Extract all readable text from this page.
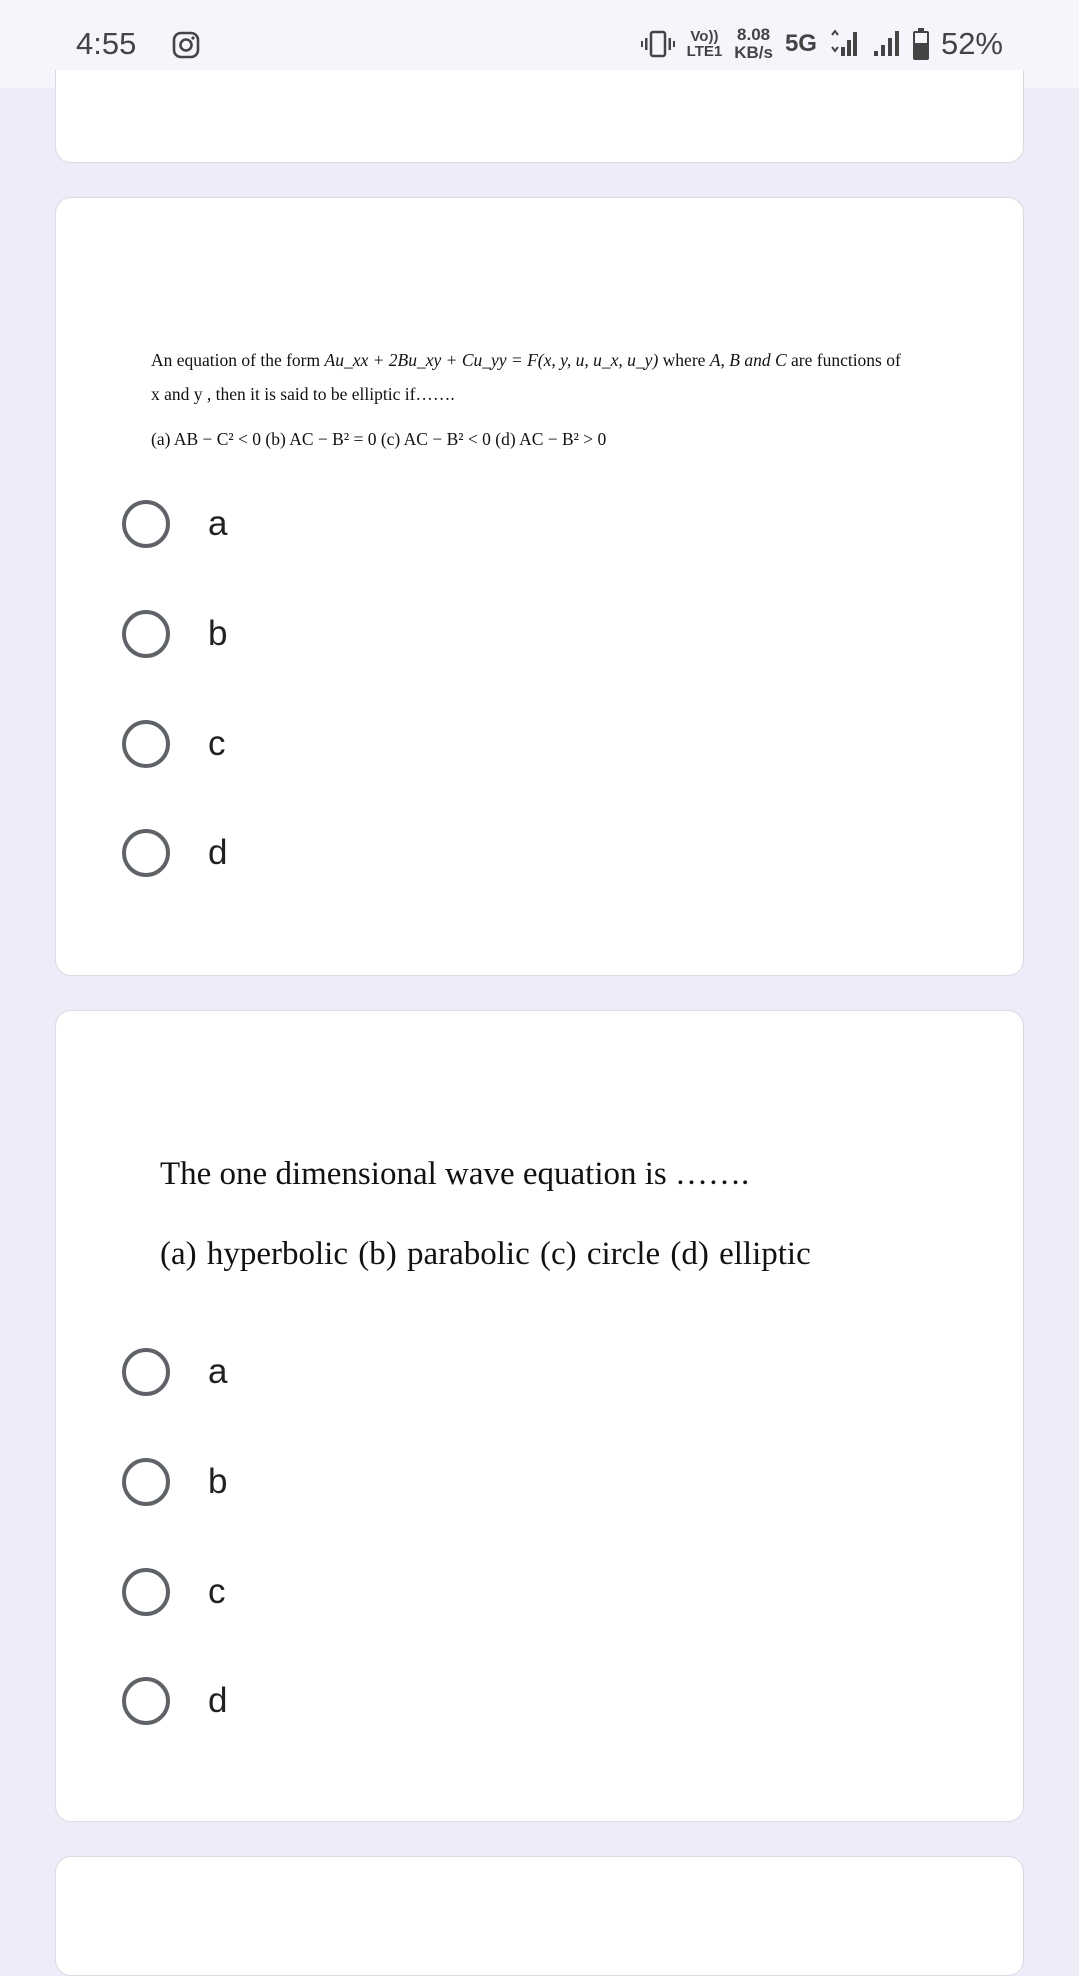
4:55	Vo))
LTE1
8.08
KB/s 5G	52%
An equation of the form Au_xx + 2Bu_xy + Cu_yy = F(x, y, u, u_x, u_y) where A, B and C are functions of
x and y , then it is said to be elliptic if…….
(a) AB − C² < 0 (b) AC − B² = 0 (c) AC − B² < 0 (d) AC − B² > 0
a
b
c
d
The one dimensional wave equation is …….
(a) hyperbolic (b) parabolic (c) circle (d) elliptic
a
b
c
d
